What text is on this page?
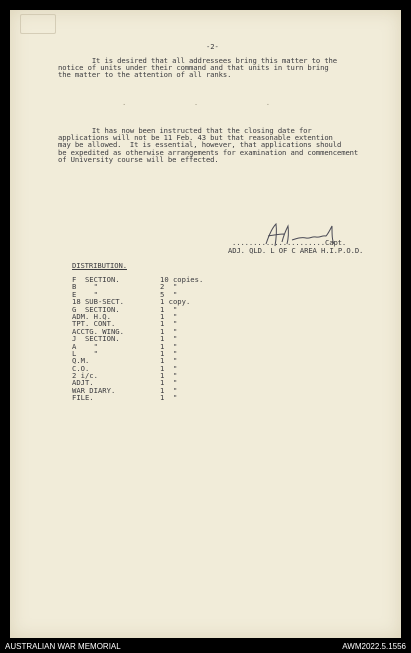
-2-
It is desired that all addressees bring this matter to the
notice of units under their command and that units in turn bring
the matter to the attention of all ranks.
.                .                .
It has now been instructed that the closing date for
applications will not be 11 Feb. 43 but that reasonable extention
may be allowed.  It is essential, however, that applications should
be expedited as otherwise arrangements for examination and commencement
of University course will be effected.
......................Capt.
ADJ. QLD. L OF C AREA H.I.P.O.D.
DISTRIBUTION.
F  SECTION.	10 copies.
B    "	2  "
E    "	5  "
18 SUB-SECT.	1 copy.
G  SECTION.	1  "
ADM. H.Q.	1  "
TPT. CONT.	1  "
ACCTG. WING.	1  "
J  SECTION.	1  "
A    "	1  "
L    "	1  "
Q.M.	1  "
C.O.	1  "
2 i/c.	1  "
ADJT.	1  "
WAR DIARY.	1  "
FILE.	1  "
AUSTRALIAN WAR MEMORIAL	AWM2022.5.1556
